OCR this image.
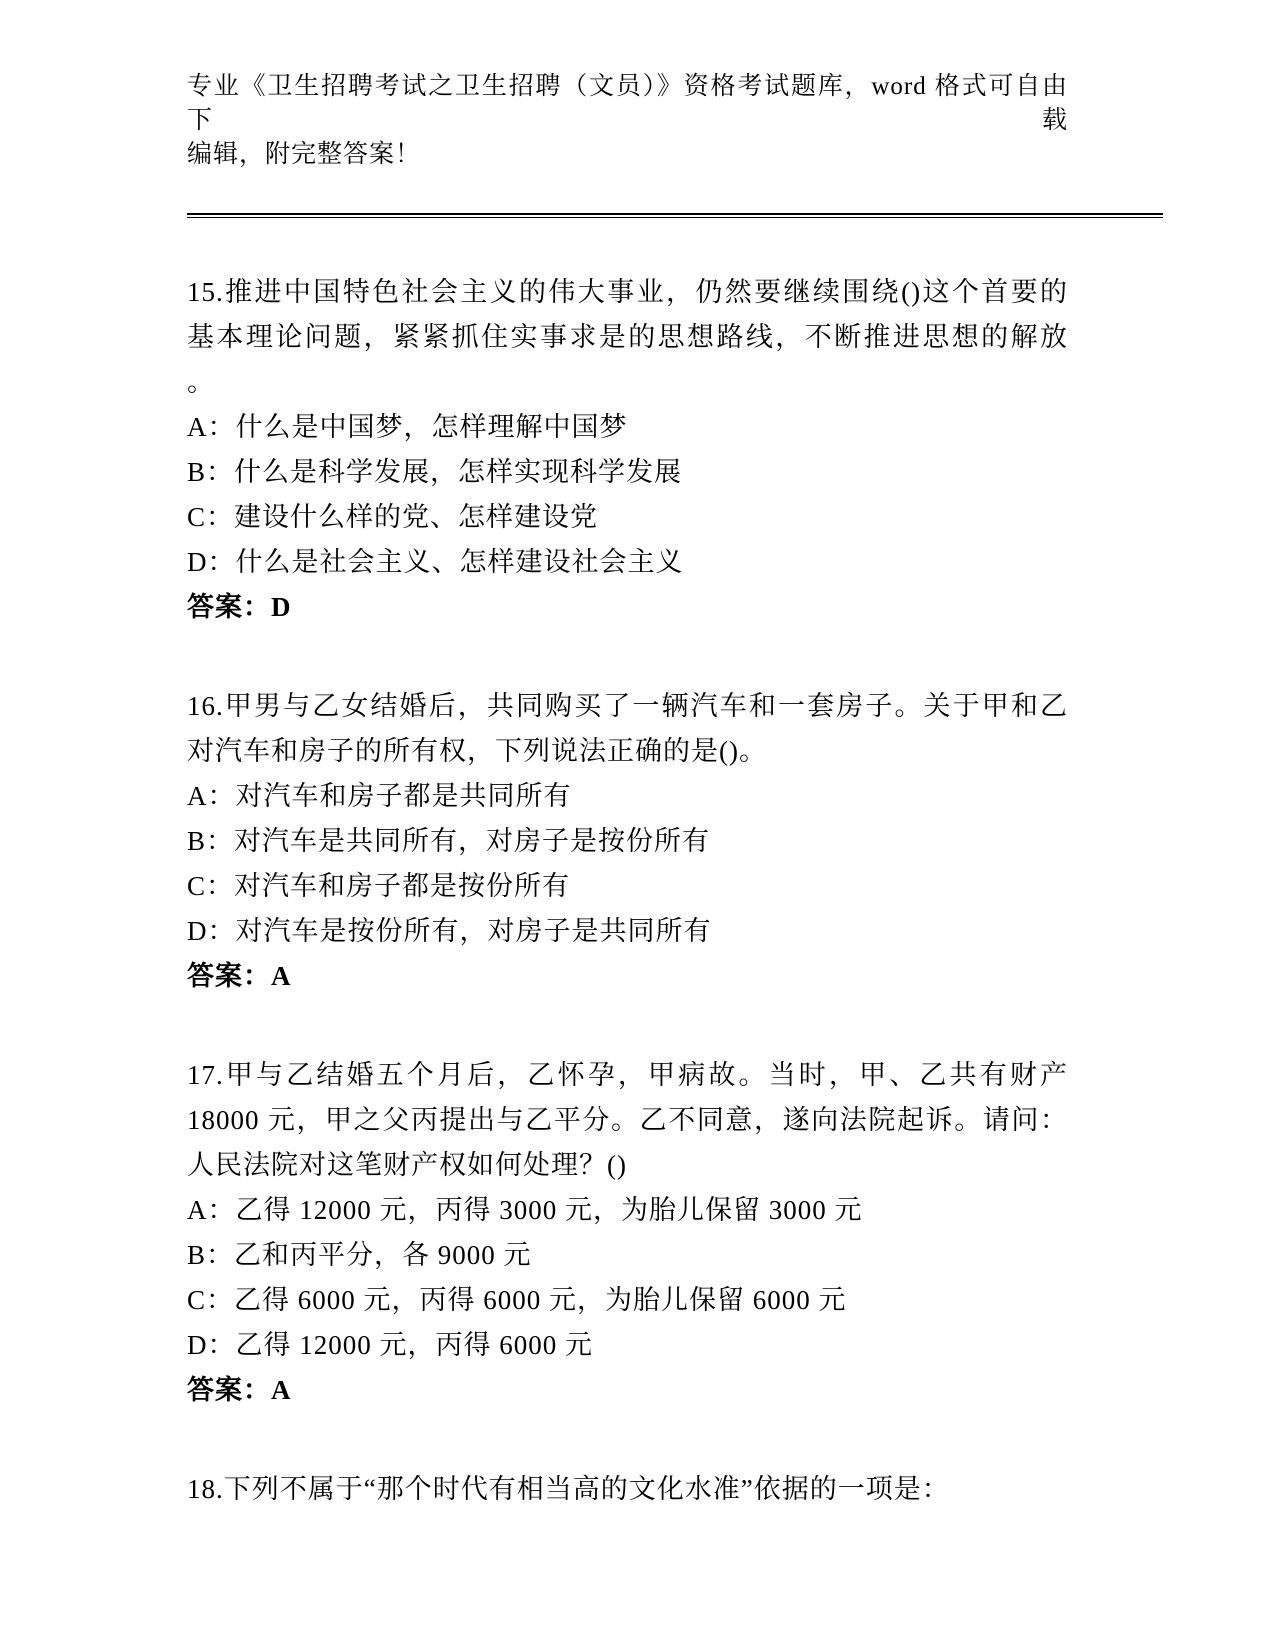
专业《卫生招聘考试之卫生招聘（文员）》资格考试题库，word 格式可自由下载
编辑，附完整答案！
15.推进中国特色社会主义的伟大事业，仍然要继续围绕()这个首要的
基本理论问题，紧紧抓住实事求是的思想路线，不断推进思想的解放
。
A：什么是中国梦，怎样理解中国梦
B：什么是科学发展，怎样实现科学发展
C：建设什么样的党、怎样建设党
D：什么是社会主义、怎样建设社会主义
答案：D
16.甲男与乙女结婚后，共同购买了一辆汽车和一套房子。关于甲和乙
对汽车和房子的所有权，下列说法正确的是()。
A：对汽车和房子都是共同所有
B：对汽车是共同所有，对房子是按份所有
C：对汽车和房子都是按份所有
D：对汽车是按份所有，对房子是共同所有
答案：A
17.甲与乙结婚五个月后，乙怀孕，甲病故。当时，甲、乙共有财产
18000 元，甲之父丙提出与乙平分。乙不同意，遂向法院起诉。请问：
人民法院对这笔财产权如何处理？()
A：乙得 12000 元，丙得 3000 元，为胎儿保留 3000 元
B：乙和丙平分，各 9000 元
C：乙得 6000 元，丙得 6000 元，为胎儿保留 6000 元
D：乙得 12000 元，丙得 6000 元
答案：A
18.下列不属于“那个时代有相当高的文化水准”依据的一项是：
